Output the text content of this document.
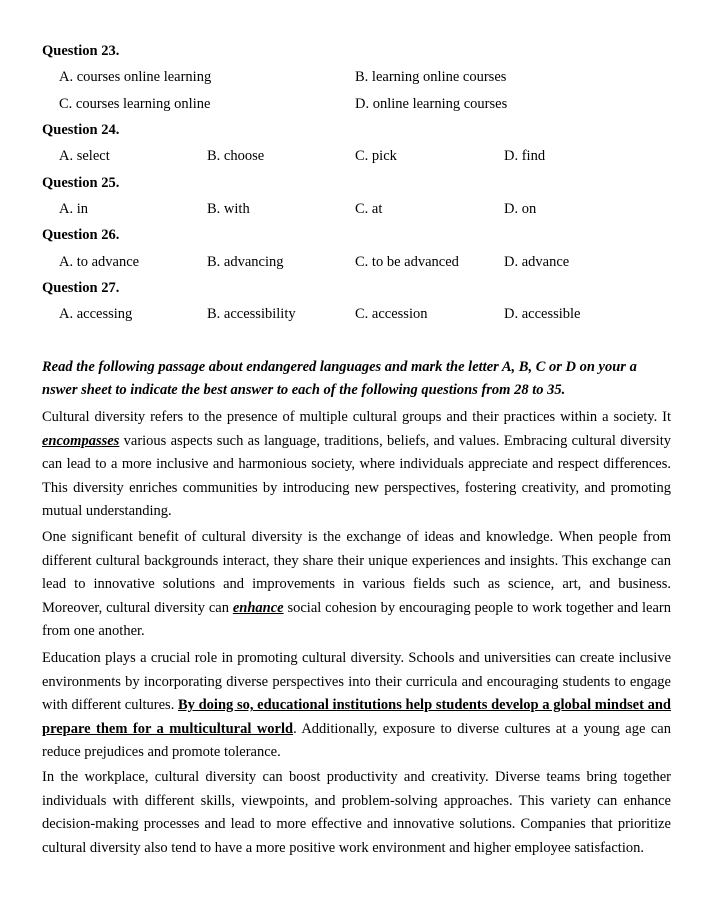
Question 23.
A. courses online learning	B. learning online courses
C. courses learning online	D. online learning courses
Question 24.
A. select	B. choose	C. pick	D. find
Question 25.
A. in	B. with	C. at	D. on
Question 26.
A. to advance	B. advancing	C. to be advanced	D. advance
Question 27.
A. accessing	B. accessibility	C. accession	D. accessible
Read the following passage about endangered languages and mark the letter A, B, C or D on your a
nswer sheet to indicate the best answer to each of the following questions from 28 to 35.
Cultural diversity refers to the presence of multiple cultural groups and their practices within a society. It encompasses various aspects such as language, traditions, beliefs, and values. Embracing cultural diversity can lead to a more inclusive and harmonious society, where individuals appreciate and respect differences. This diversity enriches communities by introducing new perspectives, fostering creativity, and promoting mutual understanding.
One significant benefit of cultural diversity is the exchange of ideas and knowledge. When people from different cultural backgrounds interact, they share their unique experiences and insights. This exchange can lead to innovative solutions and improvements in various fields such as science, art, and business. Moreover, cultural diversity can enhance social cohesion by encouraging people to work together and learn from one another.
Education plays a crucial role in promoting cultural diversity. Schools and universities can create inclusive environments by incorporating diverse perspectives into their curricula and encouraging students to engage with different cultures. By doing so, educational institutions help students develop a global mindset and prepare them for a multicultural world. Additionally, exposure to diverse cultures at a young age can reduce prejudices and promote tolerance.
In the workplace, cultural diversity can boost productivity and creativity. Diverse teams bring together individuals with different skills, viewpoints, and problem-solving approaches. This variety can enhance decision-making processes and lead to more effective and innovative solutions. Companies that prioritize cultural diversity also tend to have a more positive work environment and higher employee satisfaction.
